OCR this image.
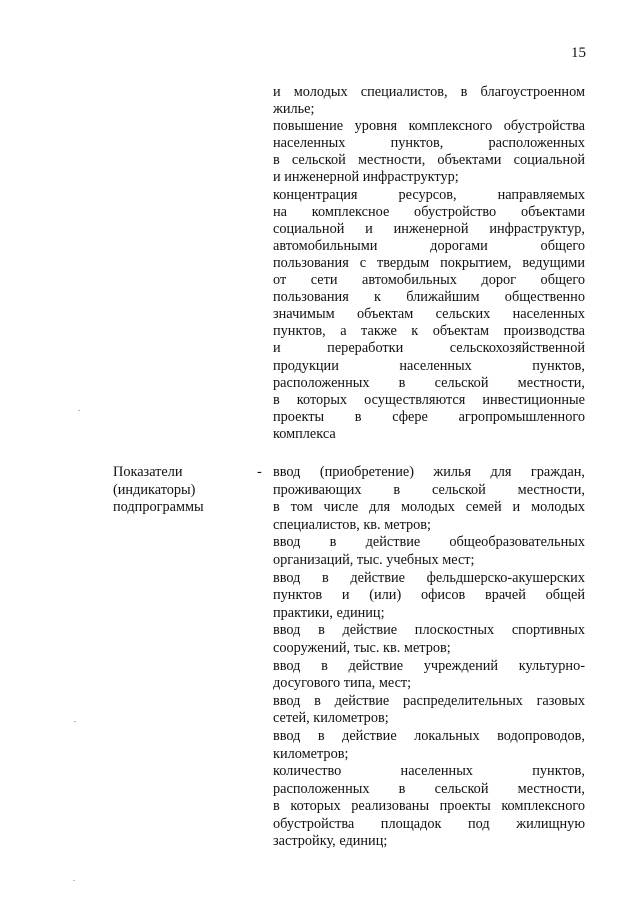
15
и молодых специалистов, в благоустроенном
жилье;
повышение уровня комплексного обустройства
населенных пунктов, расположенных
в сельской местности, объектами социальной
и инженерной инфраструктур;
концентрация ресурсов, направляемых
на комплексное обустройство объектами
социальной и инженерной инфраструктур,
автомобильными дорогами общего
пользования с твердым покрытием, ведущими
от сети автомобильных дорог общего
пользования к ближайшим общественно
значимым объектам сельских населенных
пунктов, а также к объектам производства
и переработки сельскохозяйственной
продукции населенных пунктов,
расположенных в сельской местности,
в которых осуществляются инвестиционные
проекты в сфере агропромышленного
комплекса
Показатели
(индикаторы)
подпрограммы
- ввод (приобретение) жилья для граждан,
проживающих в сельской местности,
в том числе для молодых семей и молодых
специалистов, кв. метров;
ввод в действие общеобразовательных
организаций, тыс. учебных мест;
ввод в действие фельдшерско-акушерских
пунктов и (или) офисов врачей общей
практики, единиц;
ввод в действие плоскостных спортивных
сооружений, тыс. кв. метров;
ввод в действие учреждений культурно-
досугового типа, мест;
ввод в действие распределительных газовых
сетей, километров;
ввод в действие локальных водопроводов,
километров;
количество населенных пунктов,
расположенных в сельской местности,
в которых реализованы проекты комплексного
обустройства площадок под жилищную
застройку, единиц;
